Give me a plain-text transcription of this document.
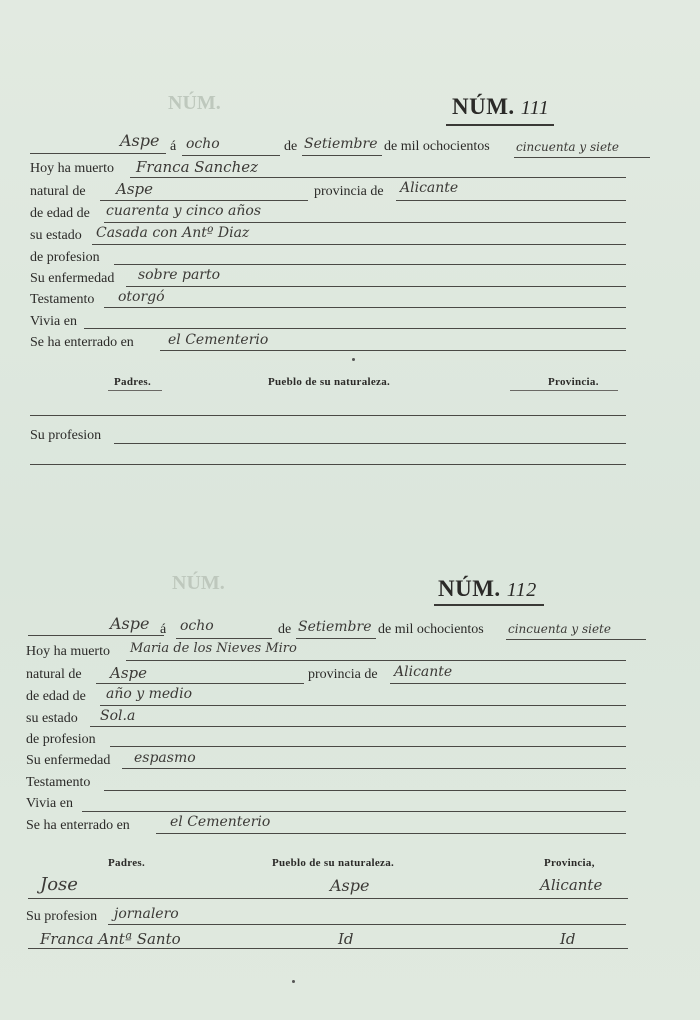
NÚM.	NÚM. 111
Aspe á ocho	de Setiembre de mil ochocientos cincuenta y siete
Hoy ha muerto Franca Sanchez
natural de Aspe	provincia de Alicante
de edad de cuarenta y cinco años
su estado Casada con Antº Diaz
de profesion
Su enfermedad sobre parto
Testamento otorgó
Vivia en
Se ha enterrado en el Cementerio
Padres.	Pueblo de su naturaleza.	Provincia.
Su profesion
NÚM.	NÚM. 112
Aspe á ocho	de Setiembre de mil ochocientos cincuenta y siete
Hoy ha muerto Maria de los Nieves Miro
natural de Aspe	provincia de Alicante
de edad de año y medio
su estado Sol.a
de profesion
Su enfermedad espasmo
Testamento
Vivia en
Se ha enterrado en	el Cementerio
Padres.	Pueblo de su naturaleza.	Provincia,
Jose	Aspe	Alicante
Su profesion jornalero
Franca Antª Santo	Id	Id
